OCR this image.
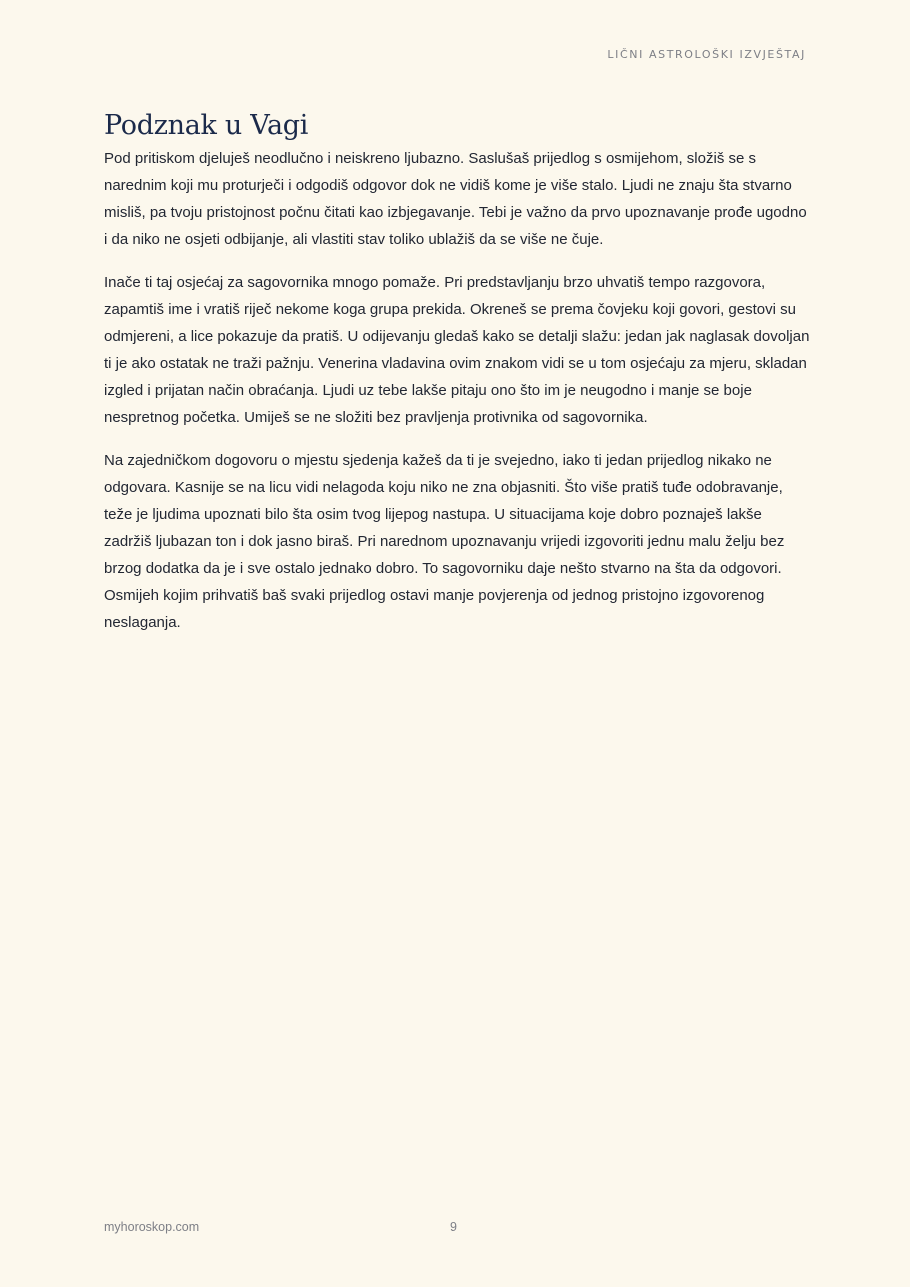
LIČNI ASTROLOŠKI IZVJEŠTAJ
Podznak u Vagi

Pod pritiskom djeluješ neodlučno i neiskreno ljubazno. Saslušaš prijedlog s osmijehom, složiš se s narednim koji mu proturječi i odgodiš odgovor dok ne vidiš kome je više stalo. Ljudi ne znaju šta stvarno misliš, pa tvoju pristojnost počnu čitati kao izbjegavanje. Tebi je važno da prvo upoznavanje prođe ugodno i da niko ne osjeti odbijanje, ali vlastiti stav toliko ublažiš da se više ne čuje.

Inače ti taj osjećaj za sagovornika mnogo pomaže. Pri predstavljanju brzo uhvatiš tempo razgovora, zapamtiš ime i vratiš riječ nekome koga grupa prekida. Okreneš se prema čovjeku koji govori, gestovi su odmjereni, a lice pokazuje da pratiš. U odijevanju gledaš kako se detalji slažu: jedan jak naglasak dovoljan ti je ako ostatak ne traži pažnju. Venerina vladavina ovim znakom vidi se u tom osjećaju za mjeru, skladan izgled i prijatan način obraćanja. Ljudi uz tebe lakše pitaju ono što im je neugodno i manje se boje nespretnog početka. Umiješ se ne složiti bez pravljenja protivnika od sagovornika.

Na zajedničkom dogovoru o mjestu sjedenja kažeš da ti je svejedno, iako ti jedan prijedlog nikako ne odgovara. Kasnije se na licu vidi nelagoda koju niko ne zna objasniti. Što više pratiš tuđe odobravanje, teže je ljudima upoznati bilo šta osim tvog lijepog nastupa. U situacijama koje dobro poznaješ lakše zadržiš ljubazan ton i dok jasno biraš. Pri narednom upoznavanju vrijedi izgovoriti jednu malu želju bez brzog dodatka da je i sve ostalo jednako dobro. To sagovorniku daje nešto stvarno na šta da odgovori. Osmijeh kojim prihvatiš baš svaki prijedlog ostavi manje povjerenja od jednog pristojno izgovorenog neslaganja.

myhoroskop.com	9
